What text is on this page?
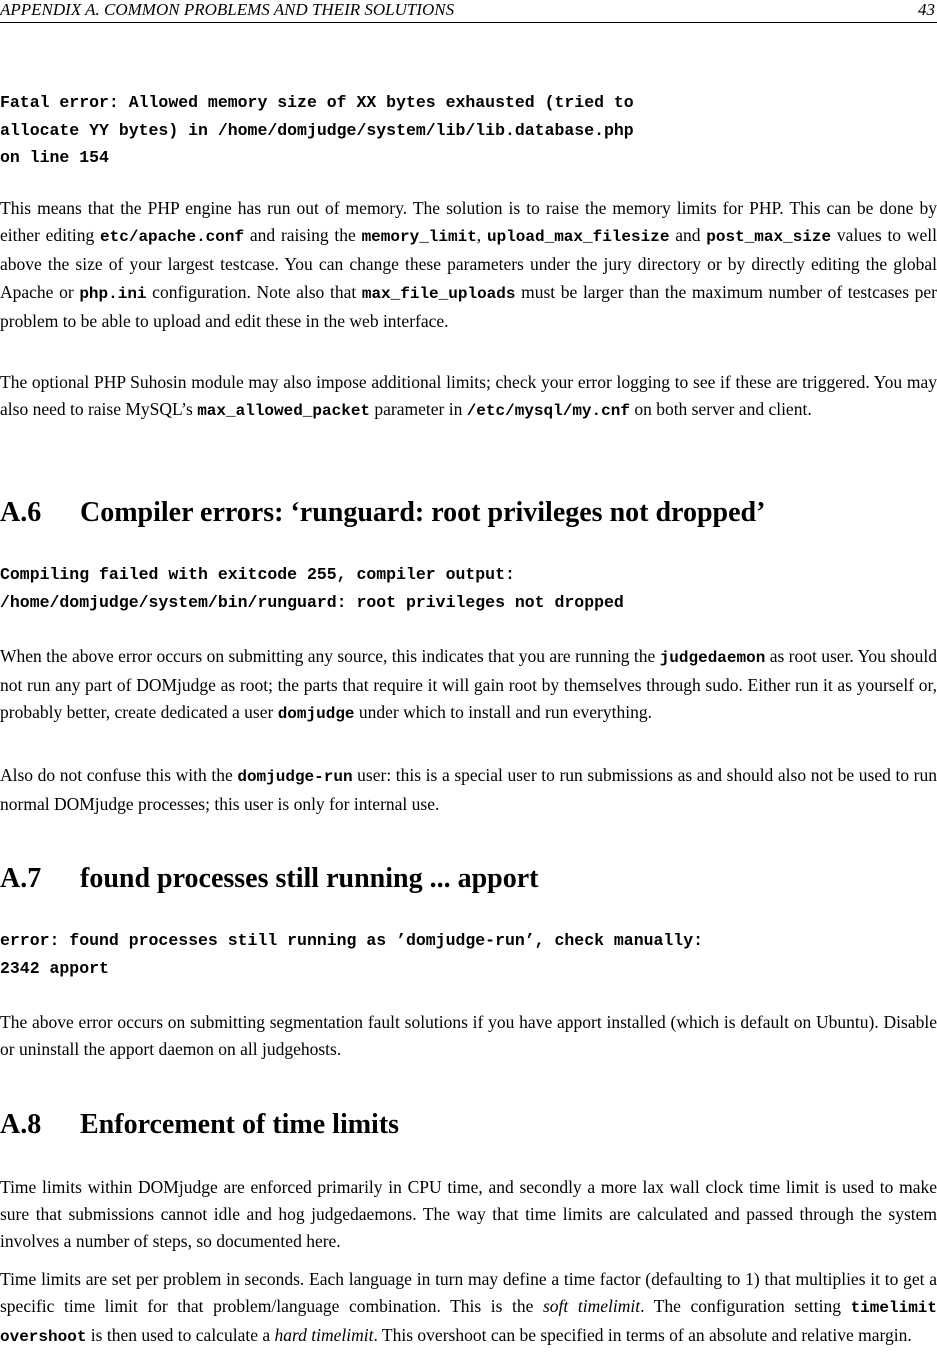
APPENDIX A. COMMON PROBLEMS AND THEIR SOLUTIONS	43
Fatal error: Allowed memory size of XX bytes exhausted (tried to
allocate YY bytes) in /home/domjudge/system/lib/lib.database.php
on line 154

This means that the PHP engine has run out of memory. The solution is to raise the memory limits for PHP. This can be done by either editing etc/apache.conf and raising the memory_limit, upload_max_filesize and post_max_size values to well above the size of your largest testcase. You can change these parameters under the jury directory or by directly editing the global Apache or php.ini configuration. Note also that max_file_uploads must be larger than the maximum number of testcases per problem to be able to upload and edit these in the web interface.

The optional PHP Suhosin module may also impose additional limits; check your error logging to see if these are triggered. You may also need to raise MySQL’s max_allowed_packet parameter in /etc/mysql/my.cnf on both server and client.

A.6 Compiler errors: ‘runguard: root privileges not dropped’
Compiling failed with exitcode 255, compiler output:
/home/domjudge/system/bin/runguard: root privileges not dropped

When the above error occurs on submitting any source, this indicates that you are running the judgedaemon as root user. You should not run any part of DOMjudge as root; the parts that require it will gain root by themselves through sudo. Either run it as yourself or, probably better, create dedicated a user domjudge under which to install and run everything.

Also do not confuse this with the domjudge-run user: this is a special user to run submissions as and should also not be used to run normal DOMjudge processes; this user is only for internal use.

A.7 found processes still running ... apport
error: found processes still running as ’domjudge-run’, check manually:
2342 apport

The above error occurs on submitting segmentation fault solutions if you have apport installed (which is default on Ubuntu). Disable or uninstall the apport daemon on all judgehosts.

A.8 Enforcement of time limits

Time limits within DOMjudge are enforced primarily in CPU time, and secondly a more lax wall clock time limit is used to make sure that submissions cannot idle and hog judgedaemons. The way that time limits are calculated and passed through the system involves a number of steps, so documented here.

Time limits are set per problem in seconds. Each language in turn may define a time factor (defaulting to 1) that multiplies it to get a specific time limit for that problem/language combination. This is the soft timelimit. The configuration setting timelimit overshoot is then used to calculate a hard timelimit. This overshoot can be specified in terms of an absolute and relative margin.
